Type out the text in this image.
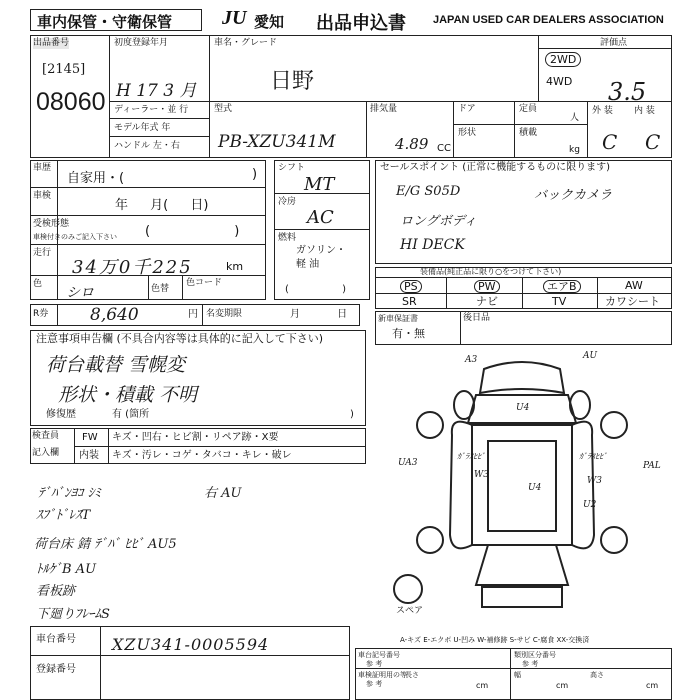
車内保管・守衛保管 JU 愛知 出品申込書 JAPAN USED CAR DEALERS ASSOCIATION
出品番号
[2145]
08060
初度登録年月
H 17 3 月
ディーラー・並 行
モデル年式 年
ハンドル 左・右
車名・グレード
日野
2WD
4WD
評価点
3.5
型式
PB-XZU341M
排気量
4.89 CC
ドア	定員
人
形状	積載
kg
外 装 内 装
C C
車歴
自家用・(	)
車検
年 月( 日)
受検形態
車検付きのみご記入下さい ( )
走行
34万0千225	km
色
シロ	色替
色コード
R券 8,640	円 名変期限	月 日
シフト
MT
冷房
AC
燃料
ガソリン・軽 油
( )
セールスポイント (正常に機能するものに限ります)
E/G S05D	バックカメラ
ロングボディ
HI DECK
装備品(純正品に限り○をつけて下さい)
PS	PW	エアB	AW
SR	ナビ	TV	カワシート
新車保証書
有・無
後日品
注意事項申告欄 (不具合内容等は具体的に記入して下さい)
荷台載替 雪幌変
形状・積載 不明
修復歴	有 (箇所	)
検査員
記入欄
FW キズ・凹右・ヒビ割・リペア跡・X要
内装 キズ・汚レ・コゲ・タバコ・キレ・破レ
ﾃﾞﾊﾞﾝﾖｺ ｼﾐ	右 AU
ｽﾌﾞﾄﾞﾚｽT
荷台床 錆 ﾃﾞﾊﾞ ﾋﾋﾞ AU5
ﾄﾙｹﾞB AU
看板跡
下廻りﾌﾚｰﾑS
A3	AU
U4
ｶﾞﾗｽﾋﾋﾞ	ｶﾞﾗｽﾋﾋﾞ
W3
W3
UA3	PAL
U4
U2
スペア
A-キズ E-エクボ U-凹み W-補修跡 S-サビ C-腐食 XX-交換済
車台番号 XZU341-0005594
登録番号
車台記号番号
参 考
類別区分番号
参 考
車検証明用の等
参 考
長さ
cm
幅
cm
高さ
cm
